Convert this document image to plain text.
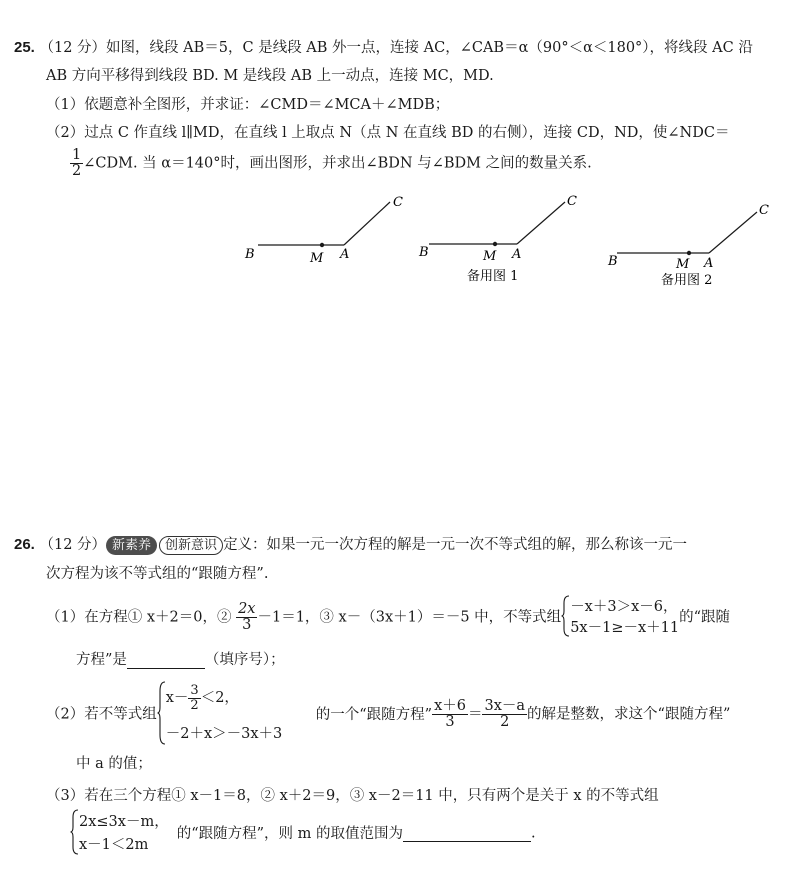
25. （12 分）如图，线段 AB＝5，C 是线段 AB 外一点，连接 AC，∠CAB＝α（90°＜α＜180°），将线段 AC 沿
AB 方向平移得到线段 BD. M 是线段 AB 上一动点，连接 MC，MD.
（1）依题意补全图形，并求证：∠CMD＝∠MCA＋∠MDB；
（2）过点 C 作直线 l∥MD，在直线 l 上取点 N（点 N 在直线 BD 的右侧），连接 CD，ND，使∠NDC＝
$\frac{1}{2}$ ∠CDM. 当 α＝140°时，画出图形，并求出∠BDN 与∠BDM 之间的数量关系.
B	M A
C
B	M A
C
备用图 1
B	M A
C
备用图 2
26. （12 分） 新素养 创新意识 定义：如果一元一次方程的解是一元一次不等式组的解，那么称该一元一
次方程为该不等式组的“跟随方程”.
（1）在方程① x＋2＝0，② $\frac{2x}{3} -1=1$，③ x－（3x＋1）＝－5 中，不等式组
－x＋3＞x－6，
5x－1≥－x＋11
的“跟随
方程”是	（填序号）；
（2）若不等式组
$x- \frac{3}{2} <2$，
－2＋x＞－3x＋3
的一个“跟随方程” $\frac{x+6}{3} = \frac{3x-a}{2}$ 的解是整数，求这个“跟随方程”
中 a 的值；
（3）若在三个方程① x－1＝8，② x＋2＝9，③ x－2＝11 中，只有两个是关于 x 的不等式组
2x≤3x－m，
x－1＜2m
的“跟随方程”，则 m 的取值范围为	.
